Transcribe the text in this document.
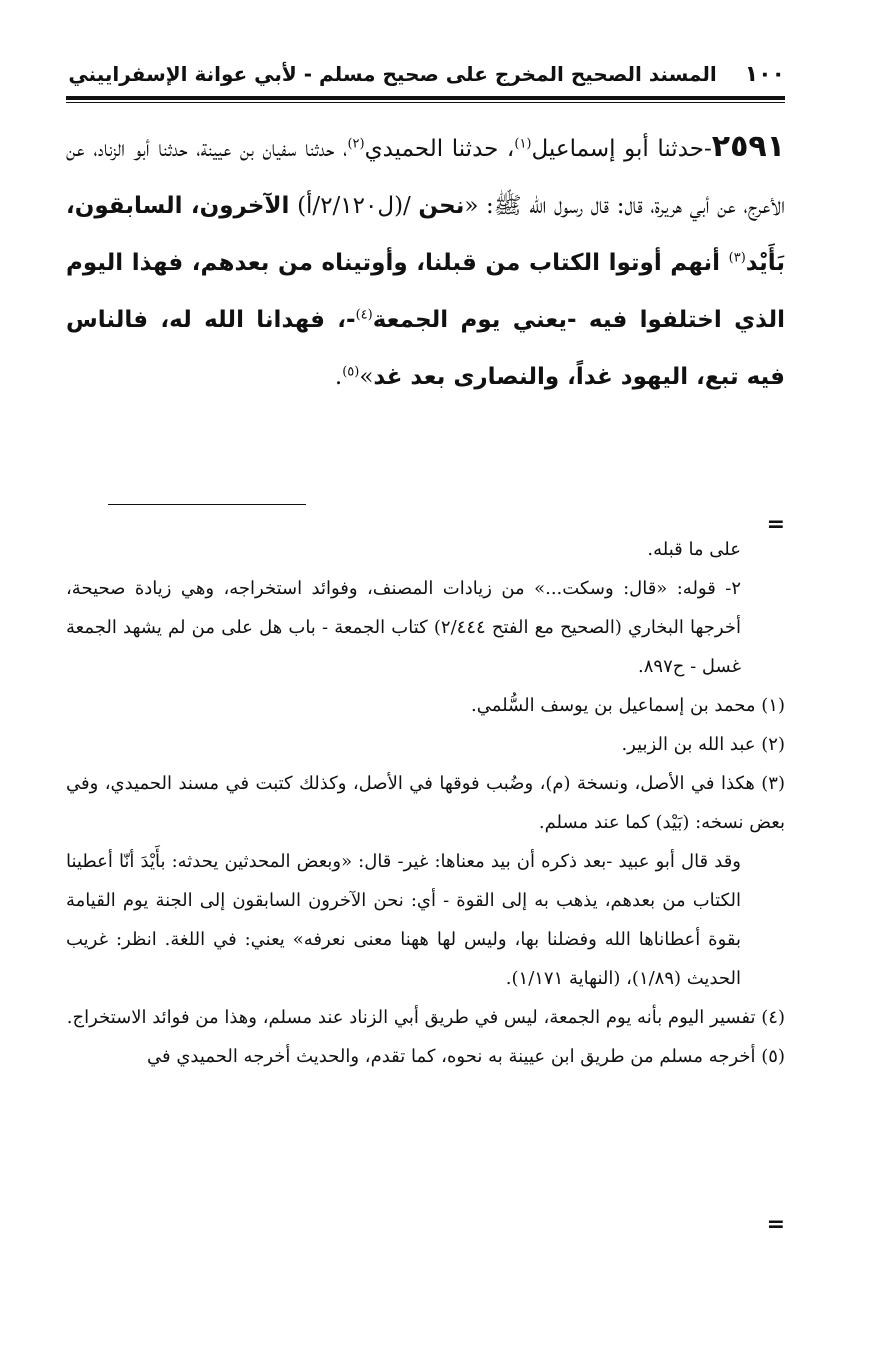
١٠٠
المسند الصحيح المخرج على صحيح مسلم - لأبي عوانة الإسفراييني

٢٥٩١-حدثنا أبو إسماعيل$^{(١)}$، حدثنا الحميدي$^{(٢)}$، حدثنا سفيان بن عيينة، حدثنا أبو الزناد، عن الأعرج، عن أبي هريرة، قال: قال رسول الله ﷺ: «نحن /(ل٢/١٢٠/أ) الآخرون، السابقون، بَأَيْد$^{(٣)}$ أنهم أوتوا الكتاب من قبلنا، وأوتيناه من بعدهم، فهذا اليوم الذي اختلفوا فيه -يعني يوم الجمعة$^{(٤)}$-، فهدانا الله له، فالناس فيه تبع، اليهود غداً، والنصارى بعد غد»$^{(٥)}$.

=

على ما قبله.

٢- قوله: «قال: وسكت...» من زيادات المصنف، وفوائد استخراجه، وهي زيادة صحيحة، أخرجها البخاري (الصحيح مع الفتح ٢/٤٤٤) كتاب الجمعة - باب هل على من لم يشهد الجمعة غسل - ح٨٩٧.

(١) محمد بن إسماعيل بن يوسف السُّلمي.

(٢) عبد الله بن الزبير.

(٣) هكذا في الأصل، ونسخة (م)، وضُبب فوقها في الأصل، وكذلك كتبت في مسند الحميدي، وفي بعض نسخه: (بَيْد) كما عند مسلم.

وقد قال أبو عبيد -بعد ذكره أن بيد معناها: غير- قال: «وبعض المحدثين يحدثه: بأَيْدَ أنّا أعطينا الكتاب من بعدهم، يذهب به إلى القوة - أي: نحن الآخرون السابقون إلى الجنة يوم القيامة بقوة أعطاناها الله وفضلنا بها، وليس لها ههنا معنى نعرفه» يعني: في اللغة. انظر: غريب الحديث (١/٨٩)، (النهاية ١/١٧١).

(٤) تفسير اليوم بأنه يوم الجمعة، ليس في طريق أبي الزناد عند مسلم، وهذا من فوائد الاستخراج.

(٥) أخرجه مسلم من طريق ابن عيينة به نحوه، كما تقدم، والحديث أخرجه الحميدي في

=
